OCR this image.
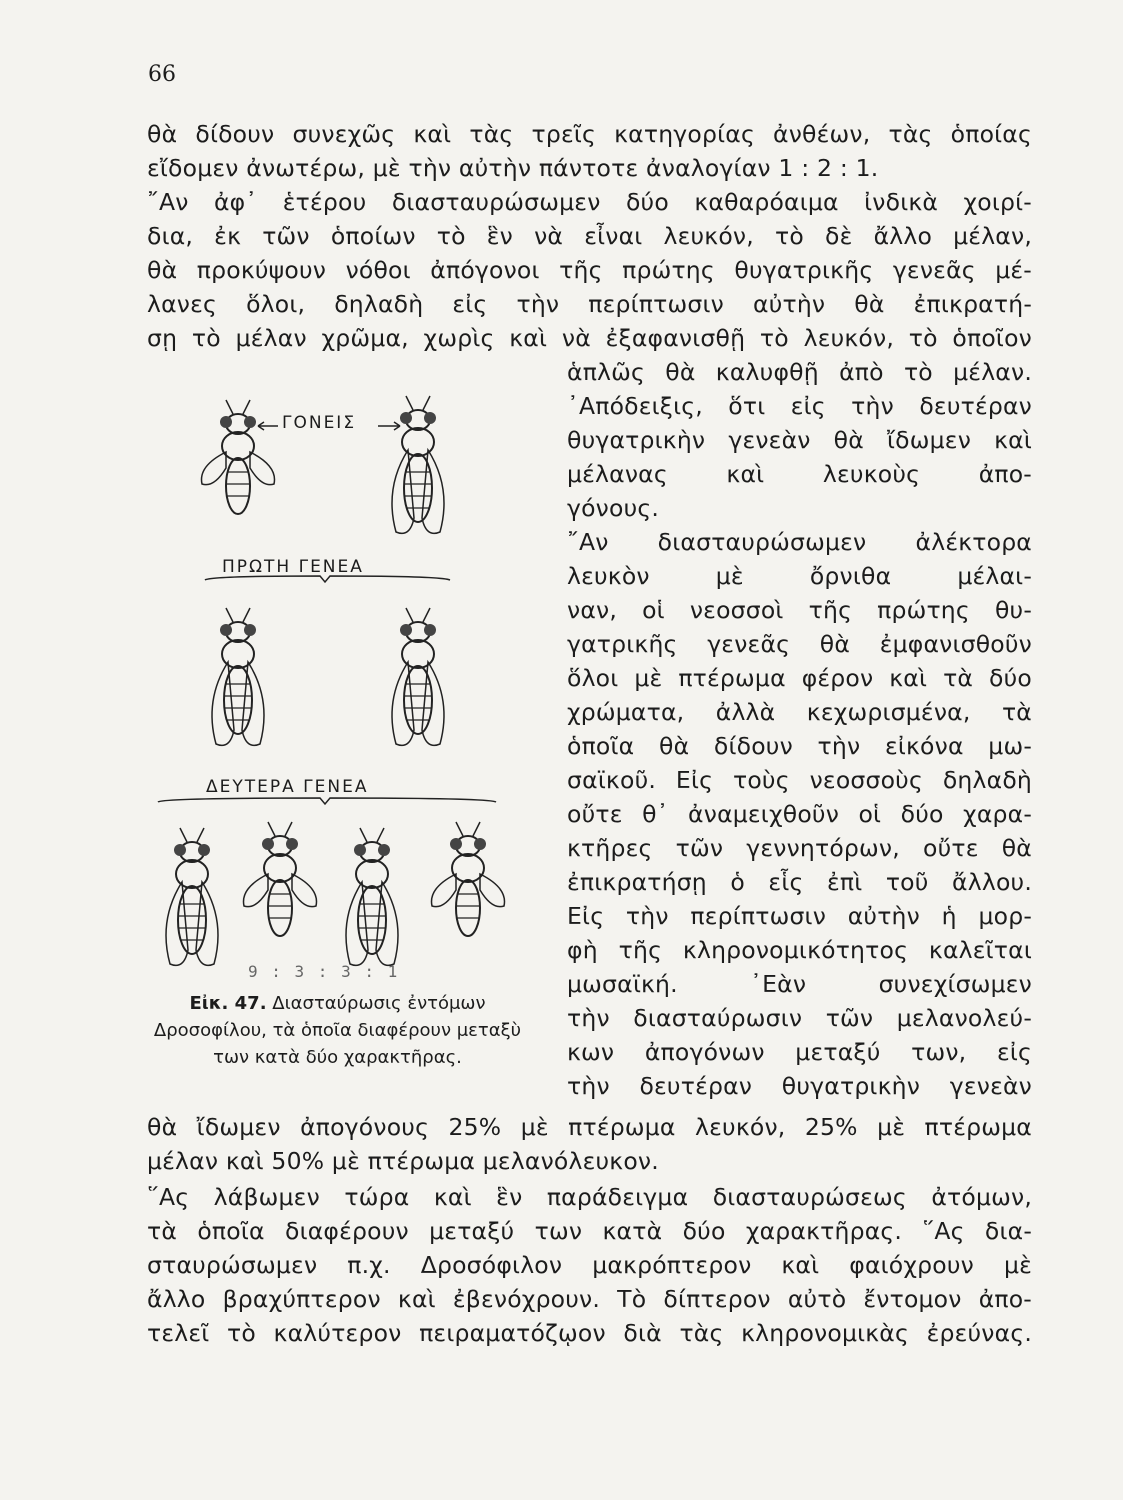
66
θὰ δίδουν συνεχῶς καὶ τὰς τρεῖς κατηγορίας ἀνθέων, τὰς ὁποίας
εἴδομεν ἀνωτέρω, μὲ τὴν αὐτὴν πάντοτε ἀναλογίαν 1 : 2 : 1.
῎Αν ἀφ᾽ ἑτέρου διασταυρώσωμεν δύο καθαρόαιμα ἰνδικὰ χοιρί-
δια, ἐκ τῶν ὁποίων τὸ ἓν νὰ εἶναι λευκόν, τὸ δὲ ἄλλο μέλαν,
θὰ προκύψουν νόθοι ἀπόγονοι τῆς πρώτης θυγατρικῆς γενεᾶς μέ-
λανες ὅλοι, δηλαδὴ εἰς τὴν περίπτωσιν αὐτὴν θὰ ἐπικρατή-
σῃ τὸ μέλαν χρῶμα, χωρὶς καὶ νὰ ἐξαφανισθῇ τὸ λευκόν, τὸ ὁποῖον
ἁπλῶς θὰ καλυφθῇ ἀπὸ τὸ μέλαν.
᾿Απόδειξις, ὅτι εἰς τὴν δευτέραν
θυγατρικὴν γενεὰν θὰ ἴδωμεν καὶ
μέλανας καὶ λευκοὺς ἀπο-
γόνους.
῎Αν διασταυρώσωμεν ἀλέκτορα
λευκὸν μὲ ὄρνιθα μέλαι-
ναν, οἱ νεοσσοὶ τῆς πρώτης θυ-
γατρικῆς γενεᾶς θὰ ἐμφανισθοῦν
ὅλοι μὲ πτέρωμα φέρον καὶ τὰ δύο
χρώματα, ἀλλὰ κεχωρισμένα, τὰ
ὁποῖα θὰ δίδουν τὴν εἰκόνα μω-
σαϊκοῦ. Εἰς τοὺς νεοσσοὺς δηλαδὴ
οὔτε θ᾽ ἀναμειχθοῦν οἱ δύο χαρα-
κτῆρες τῶν γεννητόρων, οὔτε θὰ
ἐπικρατήσῃ ὁ εἷς ἐπὶ τοῦ ἄλλου.
Εἰς τὴν περίπτωσιν αὐτὴν ἡ μορ-
φὴ τῆς κληρονομικότητος καλεῖται
μωσαϊκή. ᾿Εὰν συνεχίσωμεν
τὴν διασταύρωσιν τῶν μελανολεύ-
κων ἀπογόνων μεταξύ των, εἰς
τὴν δευτέραν θυγατρικὴν γενεὰν
θὰ ἴδωμεν ἀπογόνους 25% μὲ πτέρωμα λευκόν, 25% μὲ πτέρωμα
μέλαν καὶ 50% μὲ πτέρωμα μελανόλευκον.
῞Ας λάβωμεν τώρα καὶ ἓν παράδειγμα διασταυρώσεως ἀτόμων,
τὰ ὁποῖα διαφέρουν μεταξύ των κατὰ δύο χαρακτῆρας. ῞Ας δια-
σταυρώσωμεν π.χ. Δροσόφιλον μακρόπτερον καὶ φαιόχρουν μὲ
ἄλλο βραχύπτερον καὶ ἐβενόχρουν. Τὸ δίπτερον αὐτὸ ἔντομον ἀπο-
τελεῖ τὸ καλύτερον πειραματόζῳον διὰ τὰς κληρονομικὰς ἐρεύνας.
ΓΟΝΕΙΣ
ΠΡΩΤΗ ΓΕΝΕΑ
ΔΕΥΤΕΡΑ ΓΕΝΕΑ
9 : 3 : 3 : 1
Εἰκ. 47. Διασταύρωσις ἐντόμων Δροσοφίλου, τὰ ὁποῖα διαφέρουν μεταξὺ των κατὰ δύο χαρακτῆρας.
